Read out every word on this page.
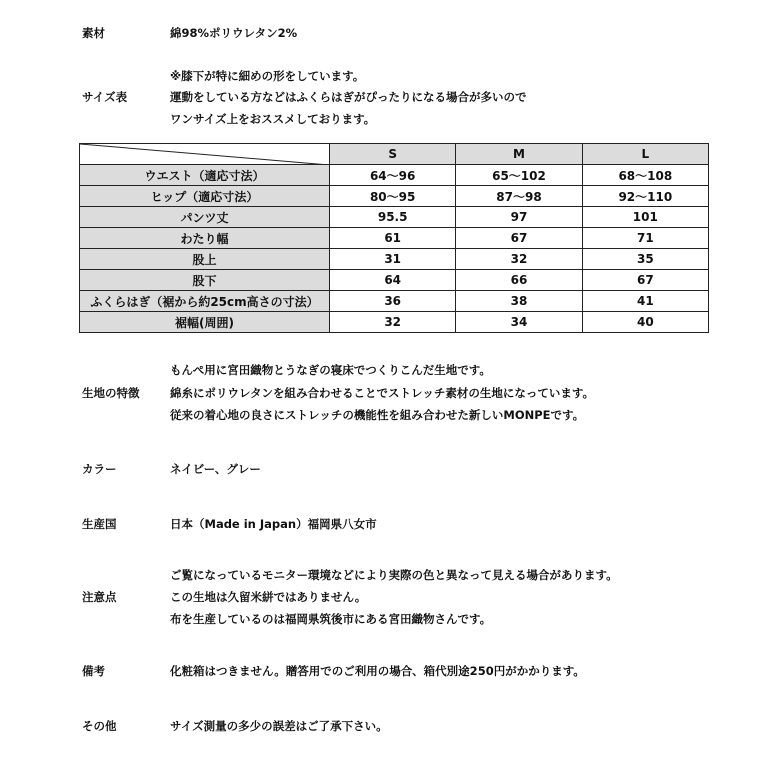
素材	綿98%ポリウレタン2%
※膝下が特に細めの形をしています。
サイズ表	運動をしている方などはふくらはぎがぴったりになる場合が多いので
ワンサイズ上をおススメしております。
	S	M	L
ウエスト（適応寸法）	64〜96	65〜102	68〜108
ヒップ（適応寸法）	80〜95	87〜98	92〜110
パンツ丈	95.5	97	101
わたり幅	61	67	71
股上	31	32	35
股下	64	66	67
ふくらはぎ（裾から約25cm高さの寸法）	36	38	41
裾幅(周囲)	32	34	40
もんぺ用に宮田織物とうなぎの寝床でつくりこんだ生地です。
生地の特徴	綿糸にポリウレタンを組み合わせることでストレッチ素材の生地になっています。
従来の着心地の良さにストレッチの機能性を組み合わせた新しいMONPEです。
カラー	ネイビー、グレー
生産国	日本（Made in Japan）福岡県八女市
ご覧になっているモニター環境などにより実際の色と異なって見える場合があります。
注意点	この生地は久留米絣ではありません。
布を生産しているのは福岡県筑後市にある宮田織物さんです。
備考	化粧箱はつきません。贈答用でのご利用の場合、箱代別途250円がかかります。
その他	サイズ測量の多少の誤差はご了承下さい。
